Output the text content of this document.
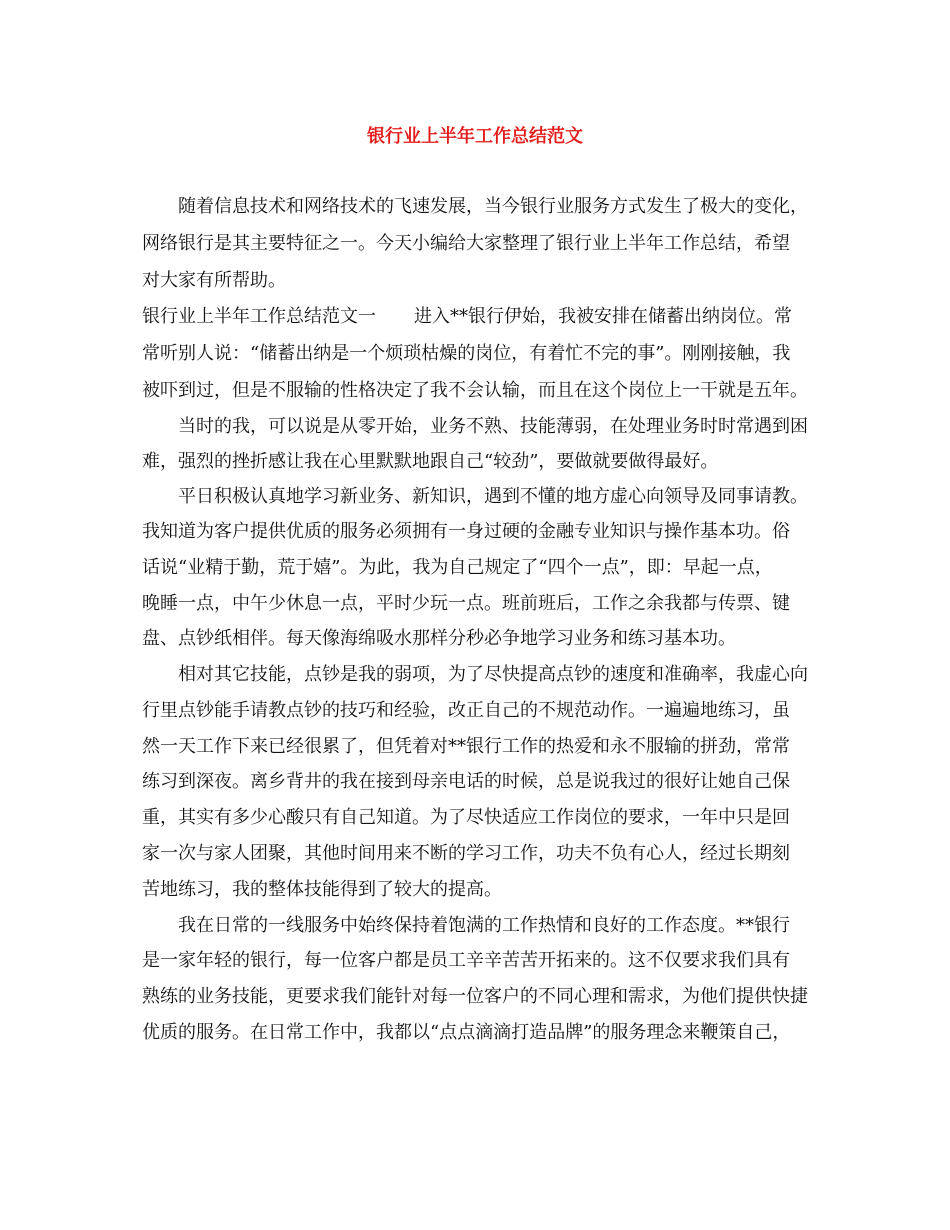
银行业上半年工作总结范文

随着信息技术和网络技术的飞速发展，当今银行业服务方式发生了极大的变化，

网络银行是其主要特征之一。今天小编给大家整理了银行业上半年工作总结，希望

对大家有所帮助。

银行业上半年工作总结范文一 进入**银行伊始，我被安排在储蓄出纳岗位。常

常听别人说：“储蓄出纳是一个烦琐枯燥的岗位，有着忙不完的事”。刚刚接触，我

被吓到过，但是不服输的性格决定了我不会认输，而且在这个岗位上一干就是五年。

当时的我，可以说是从零开始，业务不熟、技能薄弱，在处理业务时时常遇到困

难，强烈的挫折感让我在心里默默地跟自己“较劲”，要做就要做得最好。

平日积极认真地学习新业务、新知识，遇到不懂的地方虚心向领导及同事请教。

我知道为客户提供优质的服务必须拥有一身过硬的金融专业知识与操作基本功。俗

话说“业精于勤，荒于嬉”。为此，我为自己规定了“四个一点”，即：早起一点，

晚睡一点，中午少休息一点，平时少玩一点。班前班后，工作之余我都与传票、键

盘、点钞纸相伴。每天像海绵吸水那样分秒必争地学习业务和练习基本功。

相对其它技能，点钞是我的弱项，为了尽快提高点钞的速度和准确率，我虚心向

行里点钞能手请教点钞的技巧和经验，改正自己的不规范动作。一遍遍地练习，虽

然一天工作下来已经很累了，但凭着对**银行工作的热爱和永不服输的拼劲，常常

练习到深夜。离乡背井的我在接到母亲电话的时候，总是说我过的很好让她自己保

重，其实有多少心酸只有自己知道。为了尽快适应工作岗位的要求，一年中只是回

家一次与家人团聚，其他时间用来不断的学习工作，功夫不负有心人，经过长期刻

苦地练习，我的整体技能得到了较大的提高。

我在日常的一线服务中始终保持着饱满的工作热情和良好的工作态度。**银行

是一家年轻的银行，每一位客户都是员工辛辛苦苦开拓来的。这不仅要求我们具有

熟练的业务技能，更要求我们能针对每一位客户的不同心理和需求，为他们提供快捷

优质的服务。在日常工作中，我都以“点点滴滴打造品牌”的服务理念来鞭策自己，
